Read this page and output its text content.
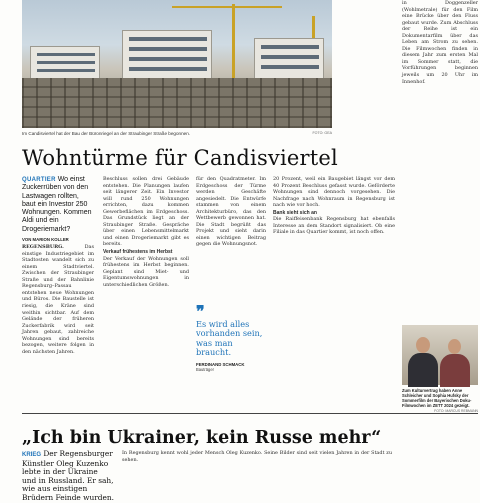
Im Candisviertel hat der Bau der Büronriegel an der Straubinger Straße begonnen.	FOTO: GEA
Wohntürme für Candisviertel
QUARTIER Wo einst Zuckerrüben von den Lastwagen rollten, baut ein Investor 250 Wohnungen. Kommen Aldi und ein Drogeriemarkt?
VON MARION KOLLER
REGENSBURG.	Das einstige Industriegebiet im Stadtosten wandelt sich zu einem Stadtviertel. Zwischen der Straubinger Straße und der Bahnlinie Regensburg–Passau entstehen neue Wohnungen und Büros. Die Baustelle ist riesig, die Kräne sind weithin sichtbar. Auf dem Gelände der früheren Zuckerfabrik wird seit Jahren gebaut, zahlreiche Wohnungen sind bereits bezogen, weitere folgen in den nächsten Jahren.
Beschluss sollen drei Gebäude entstehen. Die Planungen laufen seit längerer Zeit. Ein Investor will rund 250 Wohnungen errichten, dazu kommen Gewerbeflächen im Erdgeschoss. Das Grundstück liegt an der Straubinger Straße. Gespräche über einen Lebensmittelmarkt und einen Drogeriemarkt gibt es bereits.
Verkauf frühestens im Herbst
Der Verkauf der Wohnungen soll frühestens im Herbst beginnen. Geplant sind Miet- und Eigentumswohnungen in unterschiedlichen Größen.
für den Quadratmeter. Im Erdgeschoss der Türme werden Geschäfte angesiedelt. Die Entwürfe stammen von einem Architekturbüro, das den Wettbewerb gewonnen hat. Die Stadt begrüßt das Projekt und sieht darin einen wichtigen Beitrag gegen die Wohnungsnot.
❞
Es wird alles vorhanden sein, was man braucht.
FERDINAND SCHMACK
Bauträger
20 Prozent, weil ein Baugebiet längst vor dem 40 Prozent Beschluss gefasst wurde. Geförderte Wohnungen sind dennoch vorgesehen. Die Nachfrage nach Wohnraum in Regensburg ist nach wie vor hoch.
Bank sieht sich an
Die Raiffeisenbank Regensburg hat ebenfalls Interesse an dem Standort signalisiert. Ob eine Filiale in das Quartier kommt, ist noch offen.
in Doggenzeller (Wohlmetrale) für den Film eine Brücke über den Fluss gebaut wurde. Zum Abschluss der Reihe ist ein Dokumentarfilm über das Leben am Strom zu sehen. Die Filmwochen finden in diesem Jahr zum ersten Mal im Sommer statt, die Vorführungen beginnen jeweils um 20 Uhr im Innenhof.
Zum Kulturvertrag haben Anne Schleicher und Sophia Hufsky der Sommerfilm der Bayerischen Doku-Filmwochen im ZETT 2024 gezeigt.
FOTO: MARCUS REBMANN
„Ich bin Ukrainer, kein Russe mehr“
KRIEG Der Regensburger Künstler Oleg Kuzenko lebte in der Ukraine und in Russland. Er sah, wie aus einstigen Brüdern Feinde wurden.
In Regensburg kennt wohl jeder Mensch Oleg Kuzenko. Seine Bilder sind seit vielen Jahren in der Stadt zu sehen.
